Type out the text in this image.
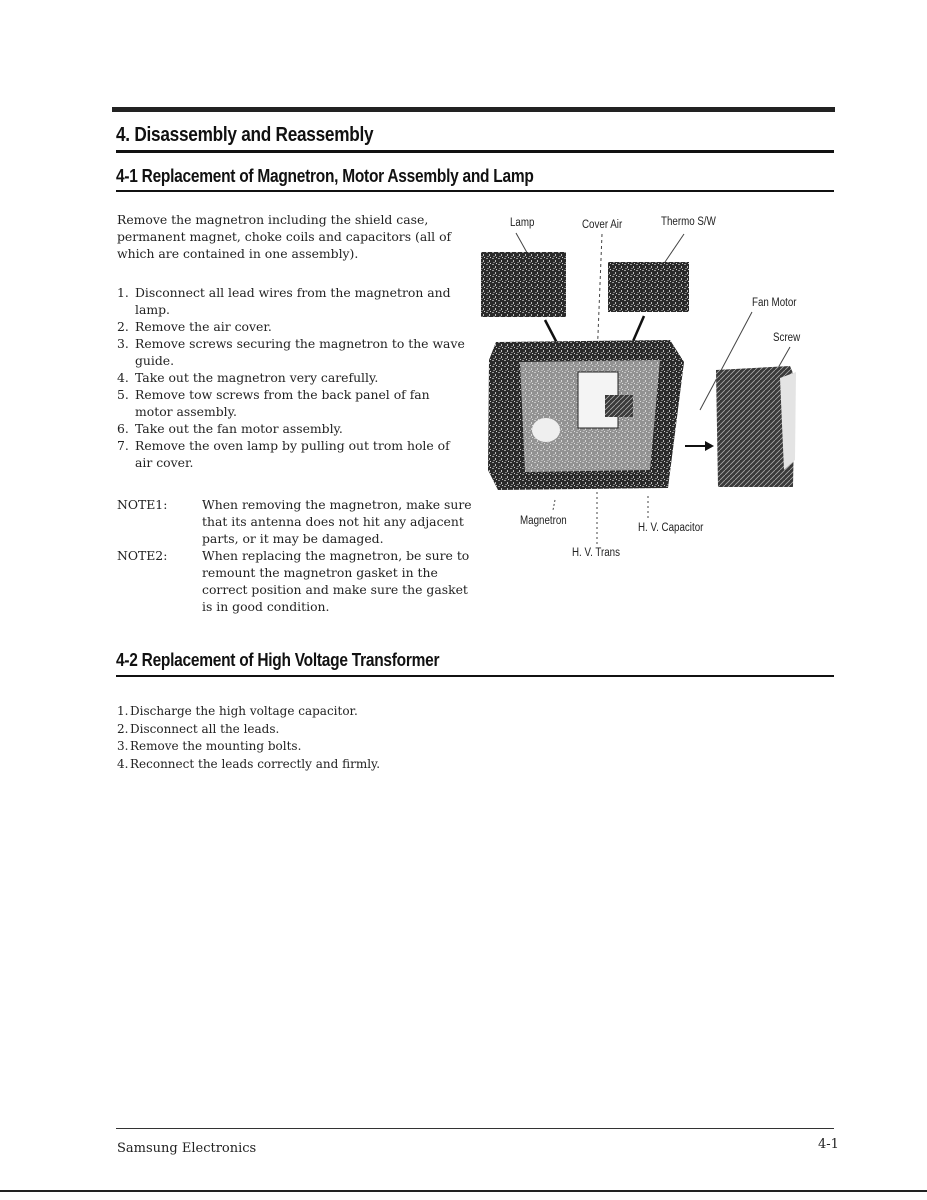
4. Disassembly and Reassembly
4-1 Replacement of Magnetron, Motor Assembly and Lamp
Remove the magnetron including the shield case, permanent magnet, choke coils and capacitors (all of which are contained in one assembly).
1. Disconnect all lead wires from the magnetron and lamp.
2. Remove the air cover.
3. Remove screws securing the magnetron to the wave guide.
4. Take out the magnetron very carefully.
5. Remove tow screws from the back panel of fan motor assembly.
6. Take out the fan motor assembly.
7. Remove the oven lamp by pulling out trom hole of air cover.
NOTE1:	When removing the magnetron, make sure that its antenna does not hit any adjacent parts, or it may be damaged.
NOTE2:	When replacing the magnetron, be sure to remount the magnetron gasket in the correct position and make sure the gasket is in good condition.
Lamp	Cover Air	Thermo S/W
Fan Motor
Screw
Magnetron
H. V. Capacitor
H. V. Trans
4-2 Replacement of High Voltage Transformer
1. Discharge the high voltage capacitor.
2. Disconnect all the leads.
3. Remove the mounting bolts.
4. Reconnect the leads correctly and firmly.
Samsung Electronics	4-1
